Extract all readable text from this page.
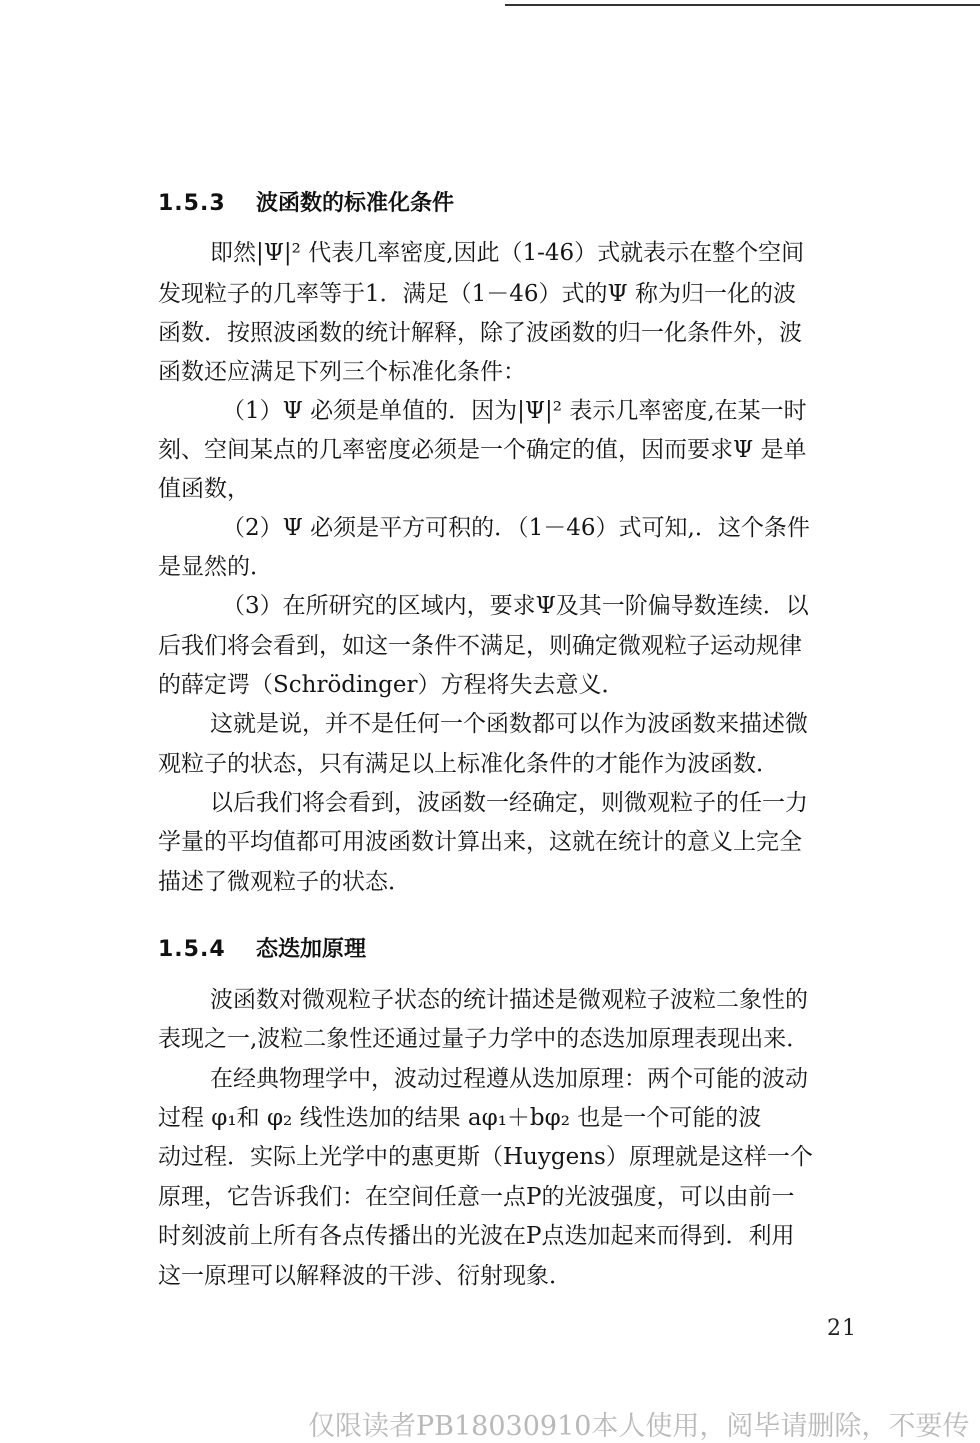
1.5.3 波函数的标准化条件
即然|Ψ|² 代表几率密度,因此（1-46）式就表示在整个空间
发现粒子的几率等于1．满足（1－46）式的Ψ 称为归一化的波
函数．按照波函数的统计解释，除了波函数的归一化条件外，波
函数还应满足下列三个标准化条件：
（1）Ψ 必须是单值的．因为|Ψ|² 表示几率密度,在某一时
刻、空间某点的几率密度必须是一个确定的值，因而要求Ψ 是单
值函数，
（2）Ψ 必须是平方可积的．（1－46）式可知,．这个条件
是显然的．
（3）在所研究的区域内，要求Ψ及其一阶偏导数连续．以
后我们将会看到，如这一条件不满足，则确定微观粒子运动规律
的薛定谔（Schrödinger）方程将失去意义．
这就是说，并不是任何一个函数都可以作为波函数来描述微
观粒子的状态，只有满足以上标准化条件的才能作为波函数．
以后我们将会看到，波函数一经确定，则微观粒子的任一力
学量的平均值都可用波函数计算出来，这就在统计的意义上完全
描述了微观粒子的状态．
1.5.4 态迭加原理
波函数对微观粒子状态的统计描述是微观粒子波粒二象性的
表现之一,波粒二象性还通过量子力学中的态迭加原理表现出来．
在经典物理学中，波动过程遵从迭加原理：两个可能的波动
过程 φ₁和 φ₂ 线性迭加的结果 aφ₁＋bφ₂ 也是一个可能的波
动过程．实际上光学中的惠更斯（Huygens）原理就是这样一个
原理，它告诉我们：在空间任意一点P的光波强度，可以由前一
时刻波前上所有各点传播出的光波在P点迭加起来而得到．利用
这一原理可以解释波的干涉、衍射现象．
21
仅限读者PB18030910本人使用，阅毕请删除，不要传
